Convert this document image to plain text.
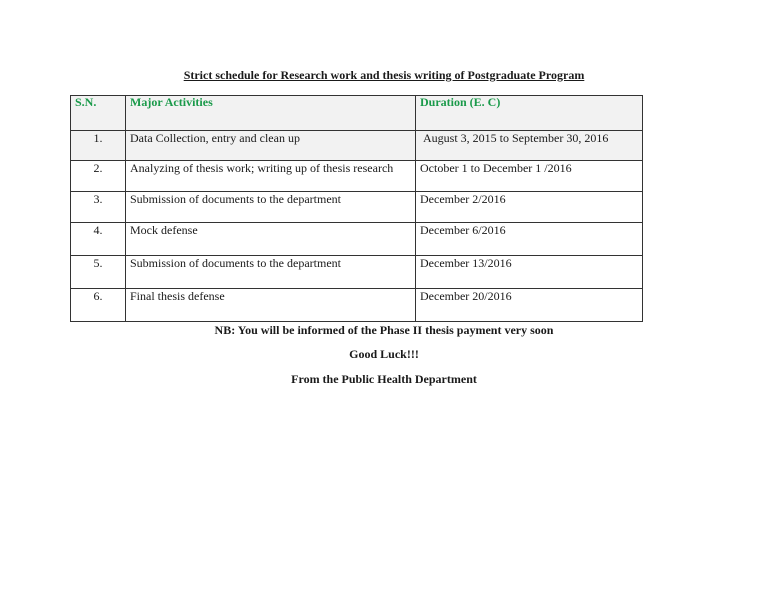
Strict schedule for Research work and thesis writing of Postgraduate Program

S.N.	Major Activities	Duration (E. C)

1.	Data Collection, entry and clean up	August 3, 2015 to September 30, 2016

2.	Analyzing of thesis work; writing up of thesis research	October 1 to December 1 /2016

3.	Submission of documents to the department	December 2/2016

4.	Mock defense	December 6/2016

5.	Submission of documents to the department	December 13/2016

6.	Final thesis defense	December 20/2016

NB: You will be informed of the Phase II thesis payment very soon

Good Luck!!!

From the Public Health Department
